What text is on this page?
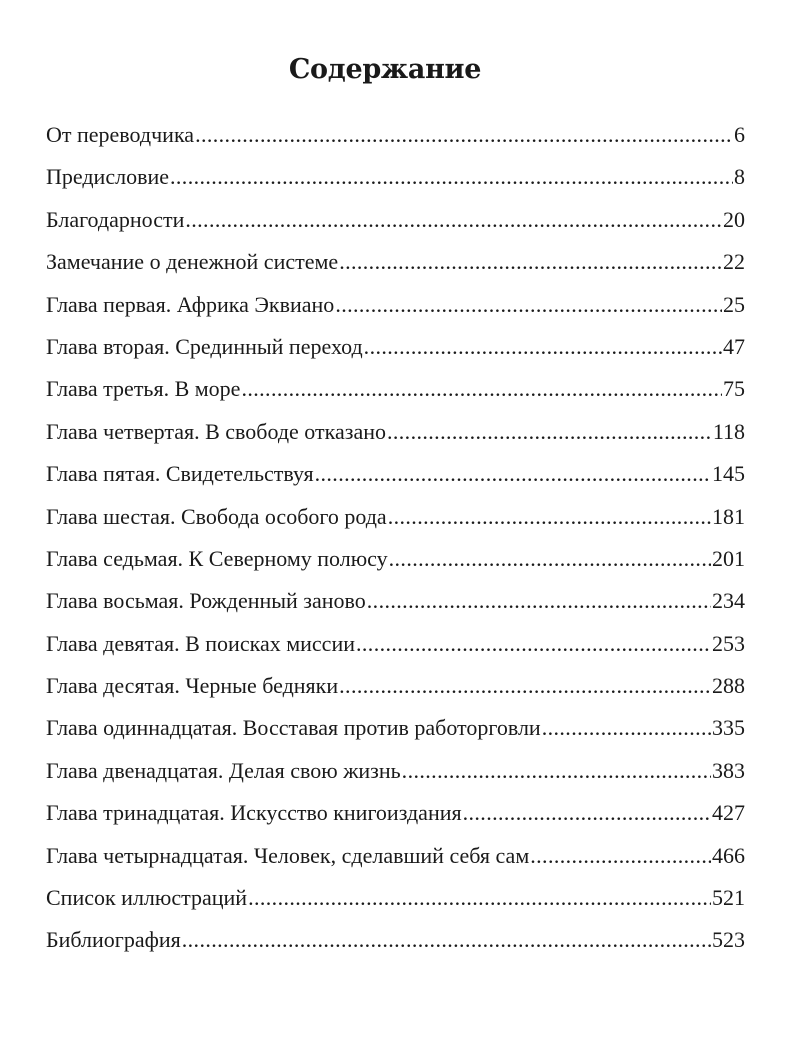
Содержание
От переводчика .....	6
Предисловие .....	8
Благодарности .....	20
Замечание о денежной системе .....	22
Глава первая. Африка Эквиано .....	25
Глава вторая. Срединный переход .....	47
Глава третья. В море .....	75
Глава четвертая. В свободе отказано .....	118
Глава пятая. Свидетельствуя .....	145
Глава шестая. Свобода особого рода .....	181
Глава седьмая. К Северному полюсу .....	201
Глава восьмая. Рожденный заново .....	234
Глава девятая. В поисках миссии .....	253
Глава десятая. Черные бедняки .....	288
Глава одиннадцатая. Восставая против работорговли .....	335
Глава двенадцатая. Делая свою жизнь .....	383
Глава тринадцатая. Искусство книгоиздания .....	427
Глава четырнадцатая. Человек, сделавший себя сам .....	466
Список иллюстраций .....	521
Библиография .....	523
